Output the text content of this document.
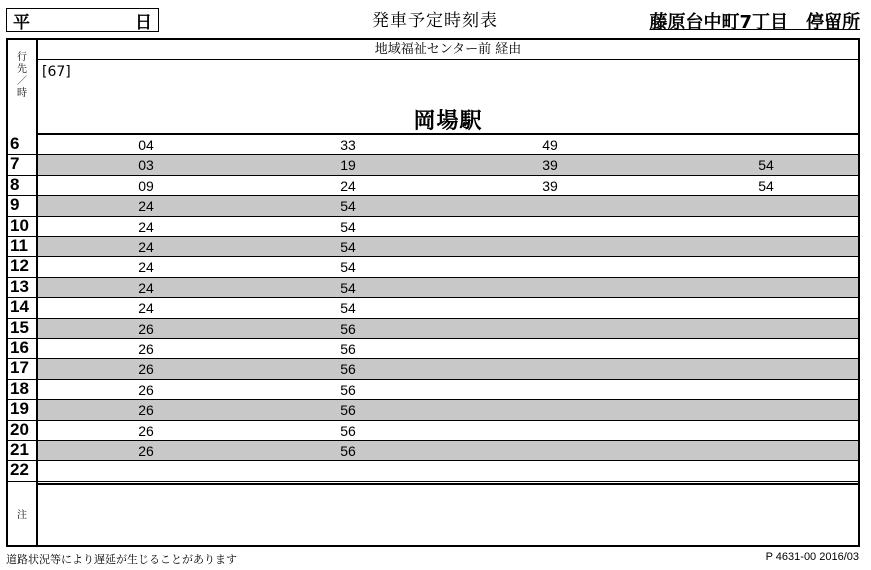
平	日	発車予定時刻表	藤原台中町7丁目　停留所
行
先
／
時
注
地域福祉センター前 経由
[67]
岡場駅
6	04	33	49
7	03	19	39	54
8	09	24	39	54
9	24	54
10	24	54
11	24	54
12	24	54
13	24	54
14	24	54
15	26	56
16	26	56
17	26	56
18	26	56
19	26	56
20	26	56
21	26	56
22
道路状況等により遅延が生じることがあります	P 4631-00 2016/03
